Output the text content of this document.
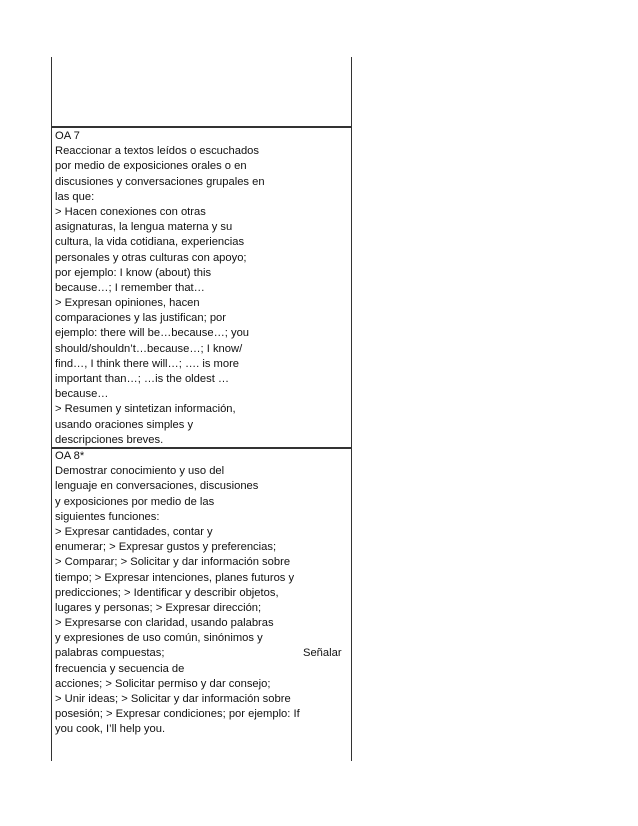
OA 7
Reaccionar a textos leídos o escuchados
por medio de exposiciones orales o en
discusiones y conversaciones grupales en
las que:
> Hacen conexiones con otras
asignaturas, la lengua materna y su
cultura, la vida cotidiana, experiencias
personales y otras culturas con apoyo;
por ejemplo: I know (about) this
because…; I remember that…
> Expresan opiniones, hacen
comparaciones y las justifican; por
ejemplo: there will be…because…; you
should/shouldn’t…because…; I know/
find…, I think there will…; …. is more
important than…; …is the oldest …
because…
> Resumen y sintetizan información,
usando oraciones simples y
descripciones breves.
OA 8*
Demostrar conocimiento y uso del
lenguaje en conversaciones, discusiones
y exposiciones por medio de las
siguientes funciones:
> Expresar cantidades, contar y
enumerar; > Expresar gustos y preferencias;
> Comparar; > Solicitar y dar información sobre
tiempo; > Expresar intenciones, planes futuros y
predicciones; > Identificar y describir objetos,
lugares y personas; > Expresar dirección;
> Expresarse con claridad, usando palabras
y expresiones de uso común, sinónimos y
palabras compuestas;
frecuencia y secuencia de
acciones; > Solicitar permiso y dar consejo;
> Unir ideas; > Solicitar y dar información sobre
posesión; > Expresar condiciones; por ejemplo: If
you cook, I’ll help you.
Señalar
